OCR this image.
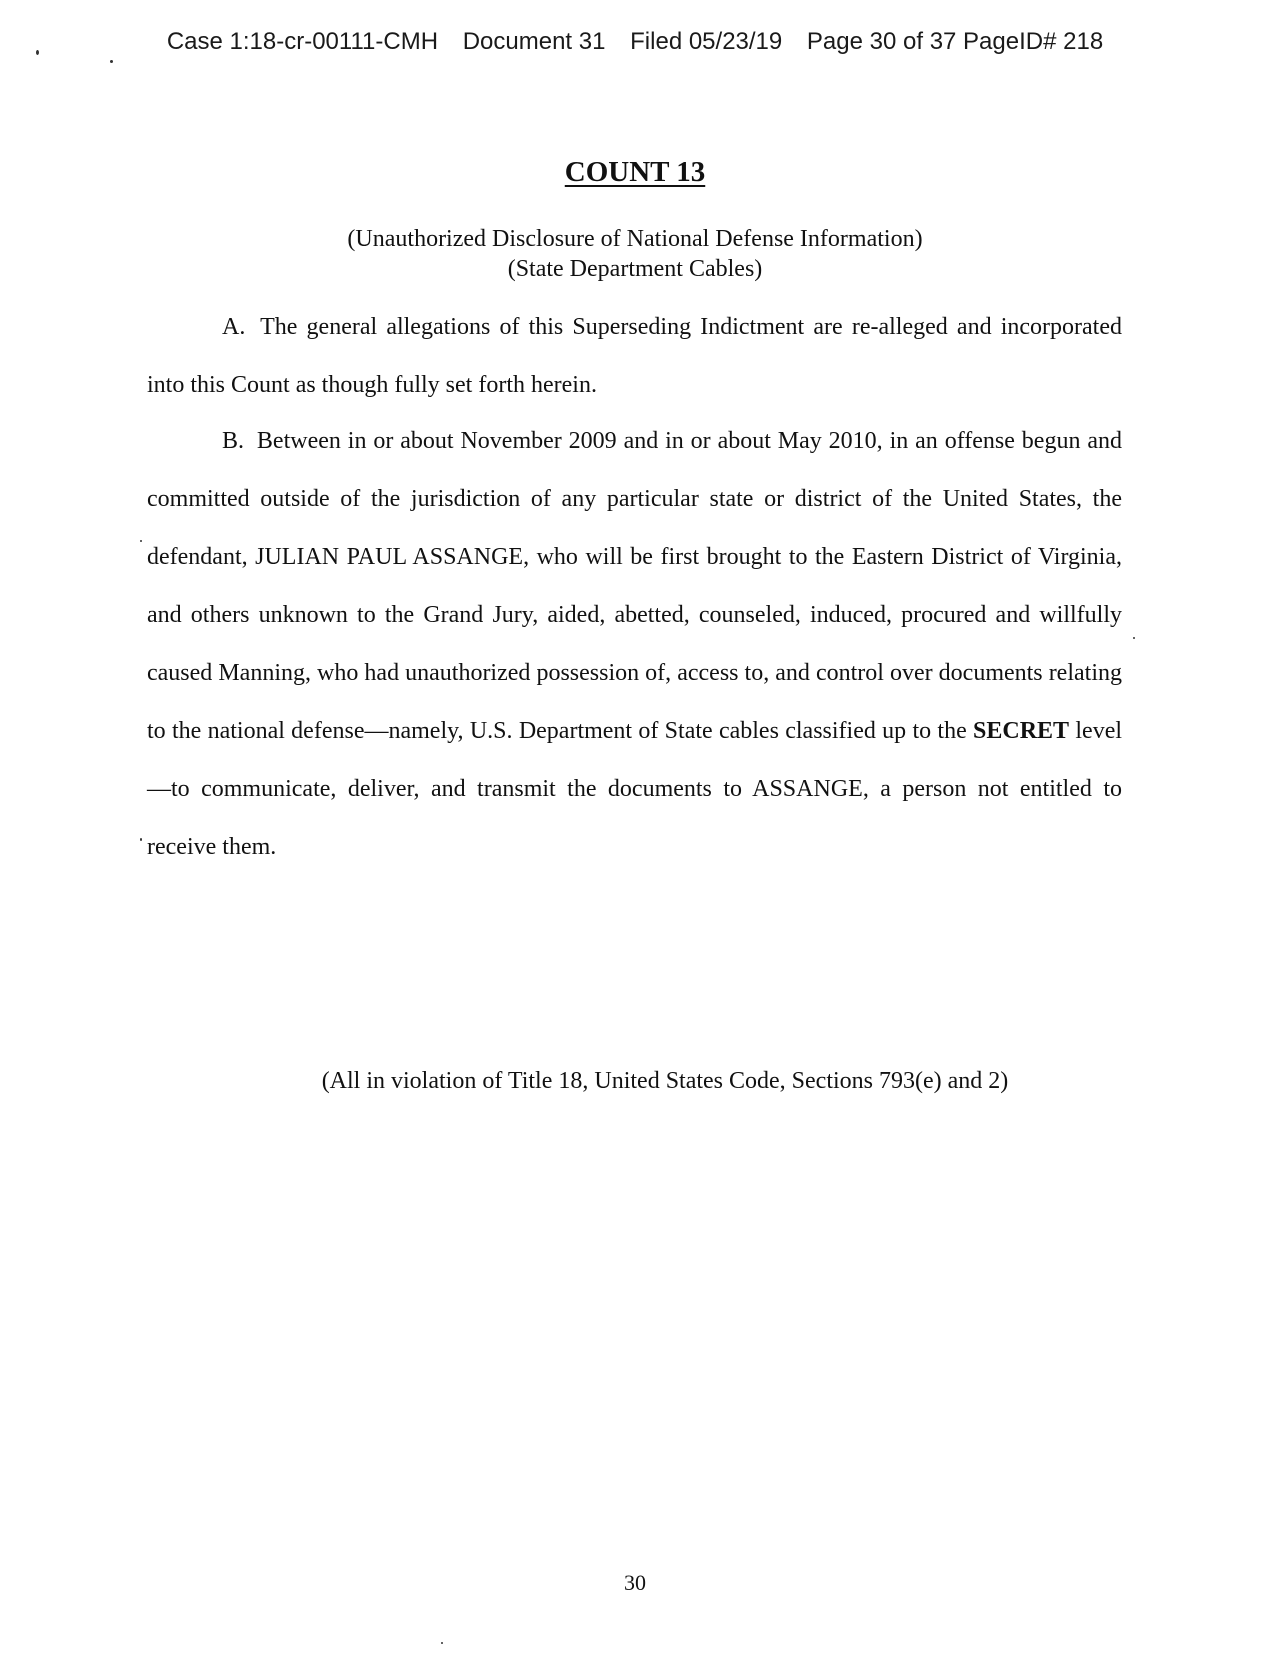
Case 1:18-cr-00111-CMH Document 31 Filed 05/23/19 Page 30 of 37 PageID# 218
COUNT 13
(Unauthorized Disclosure of National Defense Information)
(State Department Cables)

A. The general allegations of this Superseding Indictment are re-alleged and incorporated into this Count as though fully set forth herein.

B. Between in or about November 2009 and in or about May 2010, in an offense begun and committed outside of the jurisdiction of any particular state or district of the United States, the defendant, JULIAN PAUL ASSANGE, who will be first brought to the Eastern District of Virginia, and others unknown to the Grand Jury, aided, abetted, counseled, induced, procured and willfully caused Manning, who had unauthorized possession of, access to, and control over documents relating to the national defense—namely, U.S. Department of State cables classified up to the SECRET level—to communicate, deliver, and transmit the documents to ASSANGE, a person not entitled to receive them.

(All in violation of Title 18, United States Code, Sections 793(e) and 2)
30
